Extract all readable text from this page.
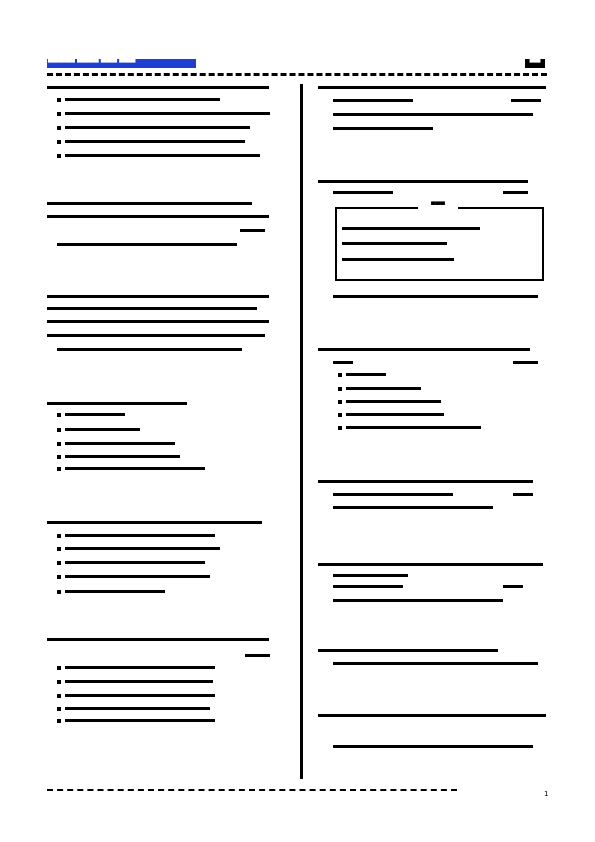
▀▀▀▀▀ ▀▀▀▀ ▀▀▀ ▀▀▀	▀▀
1
▀▀▀
